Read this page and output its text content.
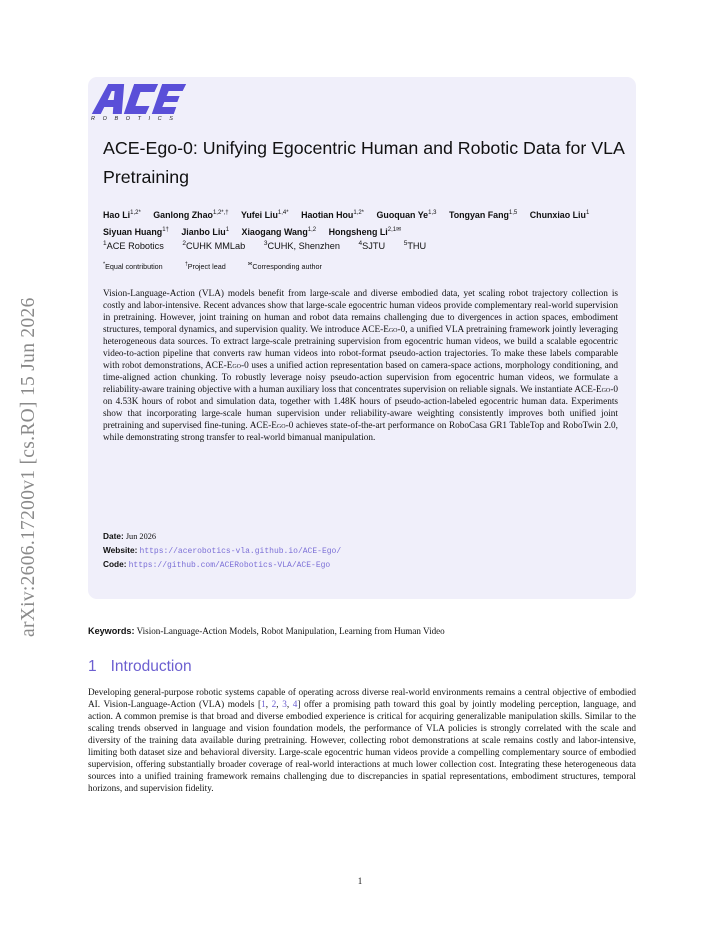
arXiv:2606.17200v1 [cs.RO] 15 Jun 2026
ROBOTICS
ACE-Ego-0: Unifying Egocentric Human and Robotic Data for VLA Pretraining
Hao $Li^{1,2*}$ Ganlong Zhao$^{1,2*,\dagger}$ Yufei Liu$^{1,4*}$ Haotian Hou$^{1,2*}$ Guoquan Ye$^{1,3}$ Tongyan Fang$^{1,5}$ Chunxiao Liu$^1$ Siyuan Huang$^{1\dagger}$ Jianbo Liu$^1$ Xiaogang Wang$^{1,2}$ Hongsheng $Li^{2,1✉}$
$^1$ACE Robotics	$^2$CUHK MMLab	$^3$CUHK, Shenzhen	$^4$SJTU	$^5$THU
*Equal contribution	†Project lead	✉Corresponding author
Vision-Language-Action (VLA) models benefit from large-scale and diverse embodied data, yet scaling robot trajectory collection is costly and labor-intensive. Recent advances show that large-scale egocentric human videos provide complementary real-world supervision in pretraining. However, joint training on human and robot data remains challenging due to divergences in action spaces, embodiment structures, temporal dynamics, and supervision quality. We introduce ACE-Ego-0, a unified VLA pretraining framework jointly leveraging heterogeneous data sources. To extract large-scale pretraining supervision from egocentric human videos, we build a scalable egocentric video-to-action pipeline that converts raw human videos into robot-format pseudo-action trajectories. To make these labels comparable with robot demonstrations, ACE-Ego-0 uses a unified action representation based on camera-space actions, morphology conditioning, and time-aligned action chunking. To robustly leverage noisy pseudo-action supervision from egocentric human videos, we formulate a reliability-aware training objective with a human auxiliary loss that concentrates supervision on reliable signals. We instantiate ACE-Ego-0 on 4.53K hours of robot and simulation data, together with 1.48K hours of pseudo-action-labeled egocentric human data. Experiments show that incorporating large-scale human supervision under reliability-aware weighting consistently improves both unified joint pretraining and supervised fine-tuning. ACE-Ego-0 achieves state-of-the-art performance on RoboCasa GR1 TableTop and RoboTwin 2.0, while demonstrating strong transfer to real-world bimanual manipulation.
Date: Jun 2026
Website: https://acerobotics-vla.github.io/ACE-Ego/
Code: https://github.com/ACERobotics-VLA/ACE-Ego
Keywords: Vision-Language-Action Models, Robot Manipulation, Learning from Human Video
1 Introduction
Developing general-purpose robotic systems capable of operating across diverse real-world environments remains a central objective of embodied AI. Vision-Language-Action (VLA) models [1, 2, 3, 4] offer a promising path toward this goal by jointly modeling perception, language, and action. A common premise is that broad and diverse embodied experience is critical for acquiring generalizable manipulation skills. Similar to the scaling trends observed in language and vision foundation models, the performance of VLA policies is strongly correlated with the scale and diversity of the training data available during pretraining. However, collecting robot demonstrations at scale remains costly and labor-intensive, limiting both dataset size and behavioral diversity. Large-scale egocentric human videos provide a compelling complementary source of embodied supervision, offering substantially broader coverage of real-world interactions at much lower collection cost. Integrating these heterogeneous data sources into a unified training framework remains challenging due to discrepancies in spatial representations, embodiment structures, temporal horizons, and supervision fidelity.
1
